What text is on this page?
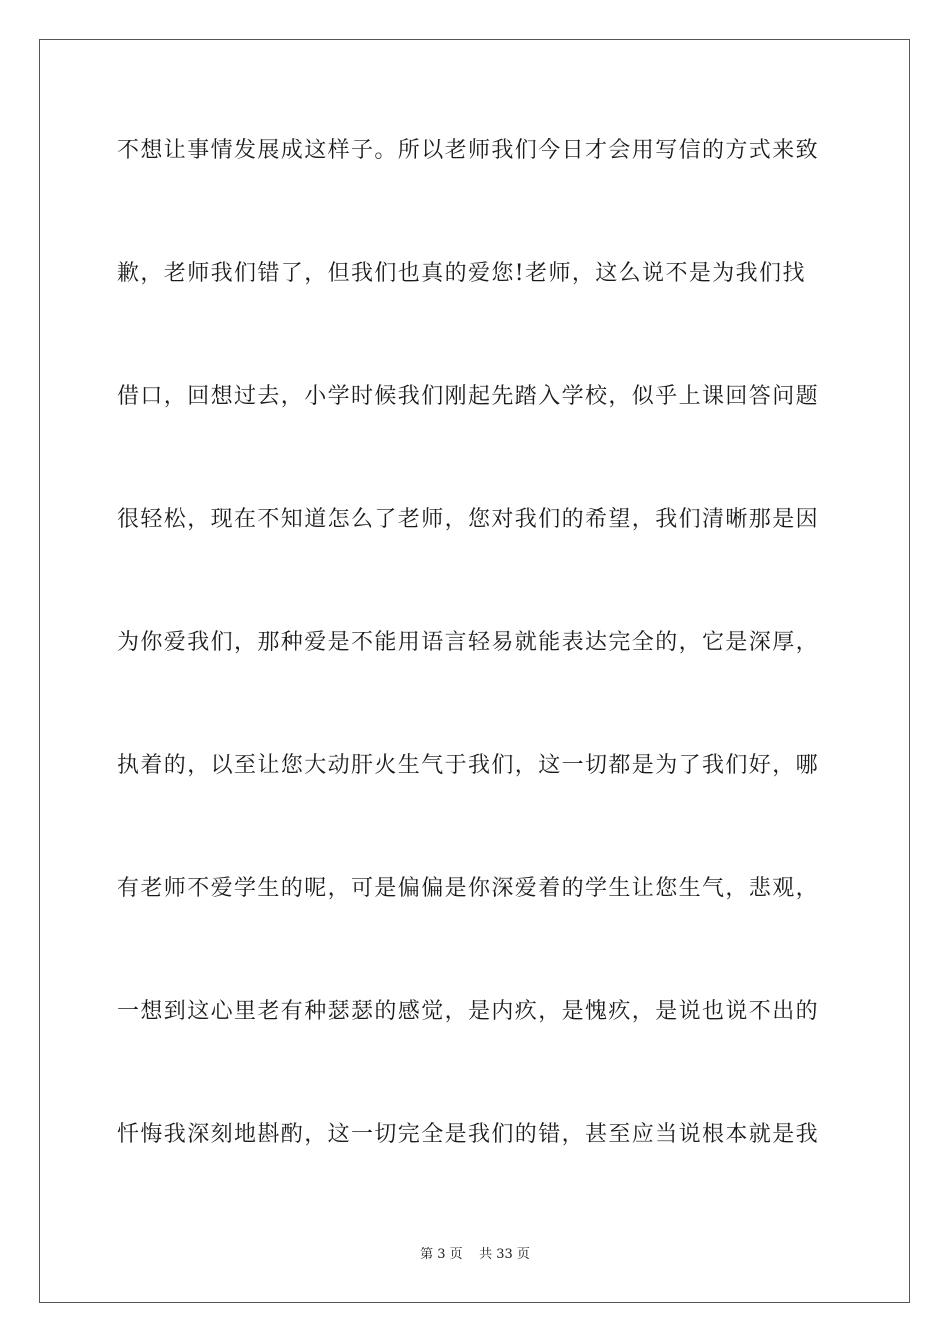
不想让事情发展成这样子。所以老师我们今日才会用写信的方式来致
歉，老师我们错了，但我们也真的爱您!老师，这么说不是为我们找
借口，回想过去，小学时候我们刚起先踏入学校，似乎上课回答问题
很轻松，现在不知道怎么了老师，您对我们的希望，我们清晰那是因
为你爱我们，那种爱是不能用语言轻易就能表达完全的，它是深厚，
执着的，以至让您大动肝火生气于我们，这一切都是为了我们好，哪
有老师不爱学生的呢，可是偏偏是你深爱着的学生让您生气，悲观，
一想到这心里老有种瑟瑟的感觉，是内疚，是愧疚，是说也说不出的
忏悔我深刻地斟酌，这一切完全是我们的错，甚至应当说根本就是我
第 3 页    共 33 页
